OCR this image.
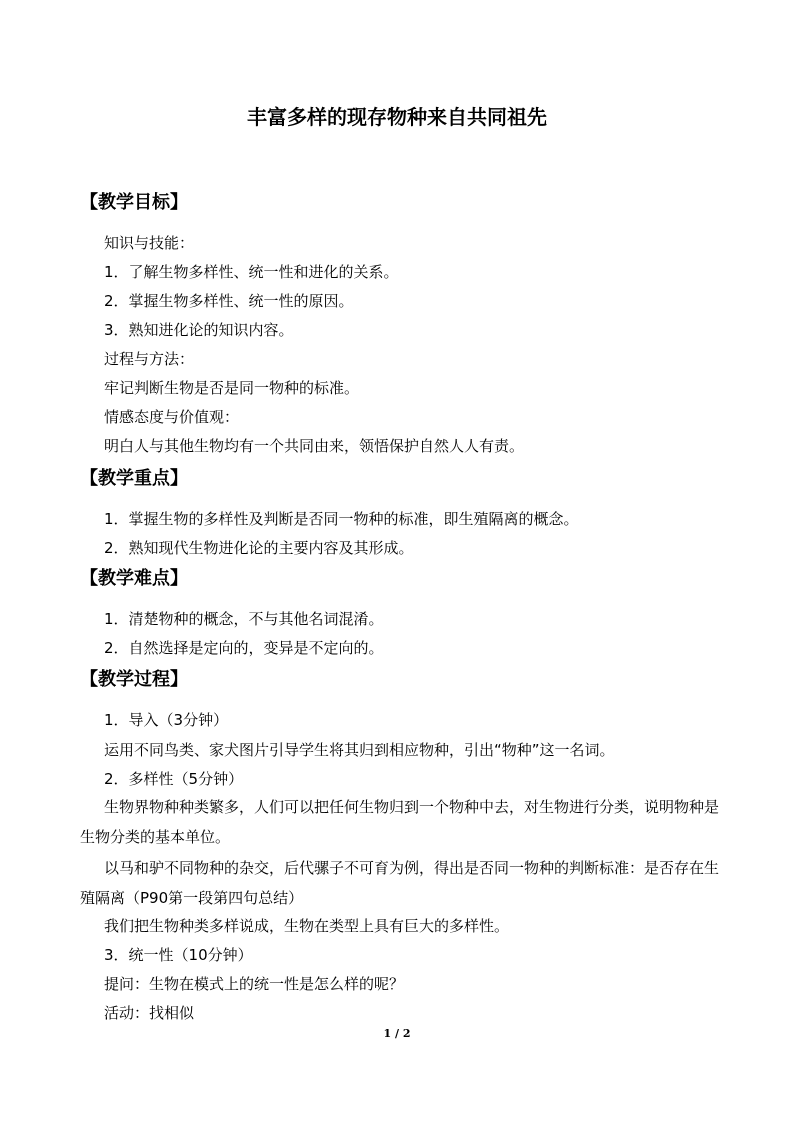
丰富多样的现存物种来自共同祖先
【教学目标】
知识与技能：
1．了解生物多样性、统一性和进化的关系。
2．掌握生物多样性、统一性的原因。
3．熟知进化论的知识内容。
过程与方法：
牢记判断生物是否是同一物种的标准。
情感态度与价值观：
明白人与其他生物均有一个共同由来，领悟保护自然人人有责。
【教学重点】
1．掌握生物的多样性及判断是否同一物种的标准，即生殖隔离的概念。
2．熟知现代生物进化论的主要内容及其形成。
【教学难点】
1．清楚物种的概念，不与其他名词混淆。
2．自然选择是定向的，变异是不定向的。
【教学过程】
1．导入（3分钟）
运用不同鸟类、家犬图片引导学生将其归到相应物种，引出“物种”这一名词。
2．多样性（5分钟）
生物界物种种类繁多，人们可以把任何生物归到一个物种中去，对生物进行分类，说明物种是生物分类的基本单位。
以马和驴不同物种的杂交，后代骡子不可育为例，得出是否同一物种的判断标准：是否存在生殖隔离（P90第一段第四句总结）
我们把生物种类多样说成，生物在类型上具有巨大的多样性。
3．统一性（10分钟）
提问：生物在模式上的统一性是怎么样的呢？
活动：找相似
1 / 2
